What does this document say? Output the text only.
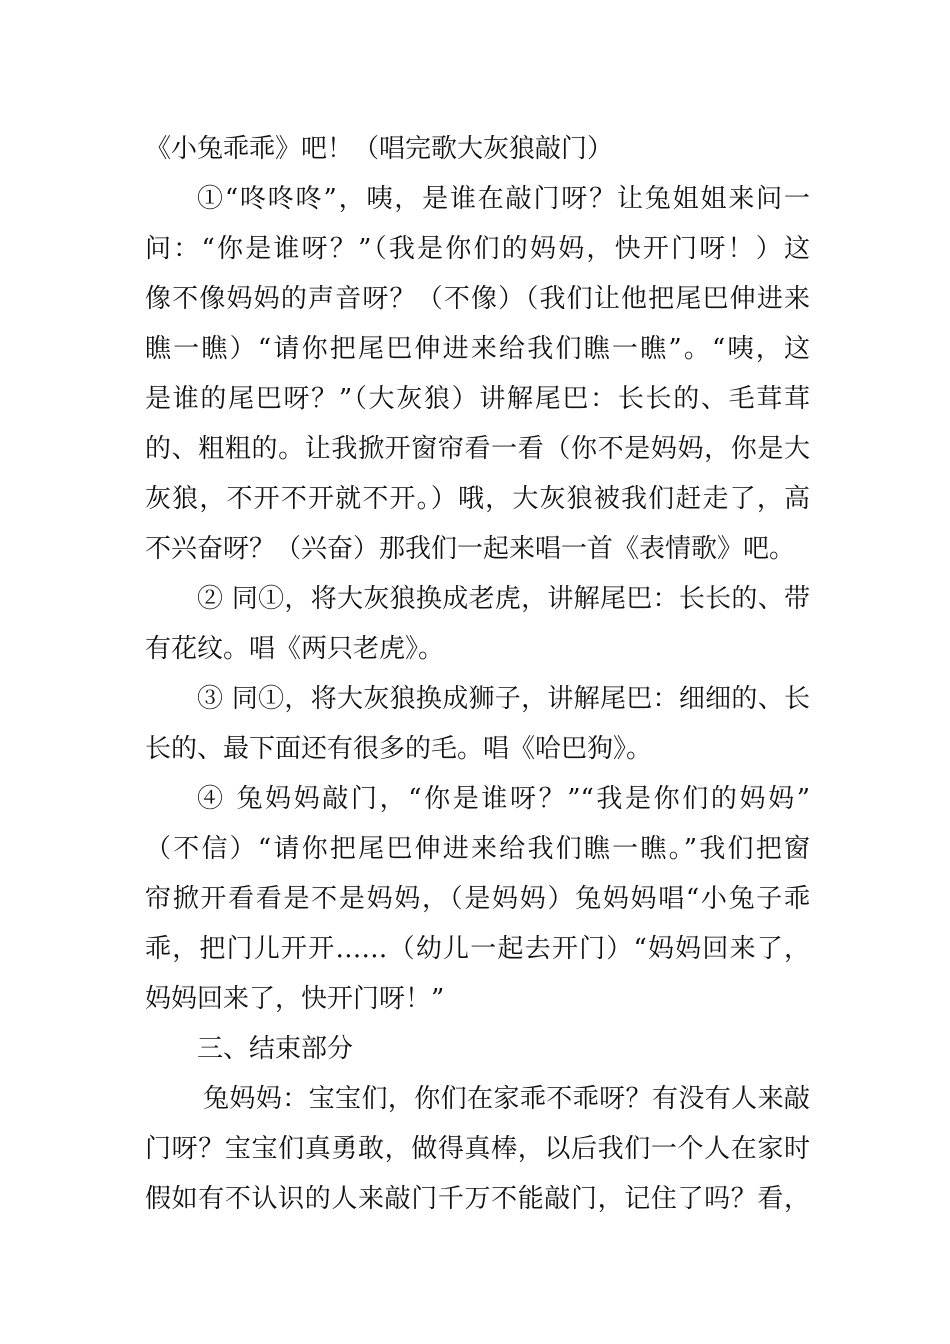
《小兔乖乖》吧！（唱完歌大灰狼敲门）
①“咚咚咚”，咦，是谁在敲门呀？让兔姐姐来问一
问：“你是谁呀？”（我是你们的妈妈，快开门呀！）这
像不像妈妈的声音呀？（不像）（我们让他把尾巴伸进来
瞧一瞧）“请你把尾巴伸进来给我们瞧一瞧”。“咦，这
是谁的尾巴呀？”（大灰狼）讲解尾巴：长长的、毛茸茸
的、粗粗的。让我掀开窗帘看一看（你不是妈妈，你是大
灰狼，不开不开就不开。）哦，大灰狼被我们赶走了，高
不兴奋呀？（兴奋）那我们一起来唱一首《表情歌》吧。
② 同①，将大灰狼换成老虎，讲解尾巴：长长的、带
有花纹。唱《两只老虎》。
③ 同①，将大灰狼换成狮子，讲解尾巴：细细的、长
长的、最下面还有很多的毛。唱《哈巴狗》。
④ 兔妈妈敲门，“你是谁呀？”“我是你们的妈妈”
（不信）“请你把尾巴伸进来给我们瞧一瞧。”我们把窗
帘掀开看看是不是妈妈，（是妈妈）兔妈妈唱“小兔子乖
乖，把门儿开开……（幼儿一起去开门）“妈妈回来了，
妈妈回来了，快开门呀！”
三、结束部分
兔妈妈：宝宝们，你们在家乖不乖呀？有没有人来敲
门呀？宝宝们真勇敢，做得真棒，以后我们一个人在家时
假如有不认识的人来敲门千万不能敲门，记住了吗？看，
